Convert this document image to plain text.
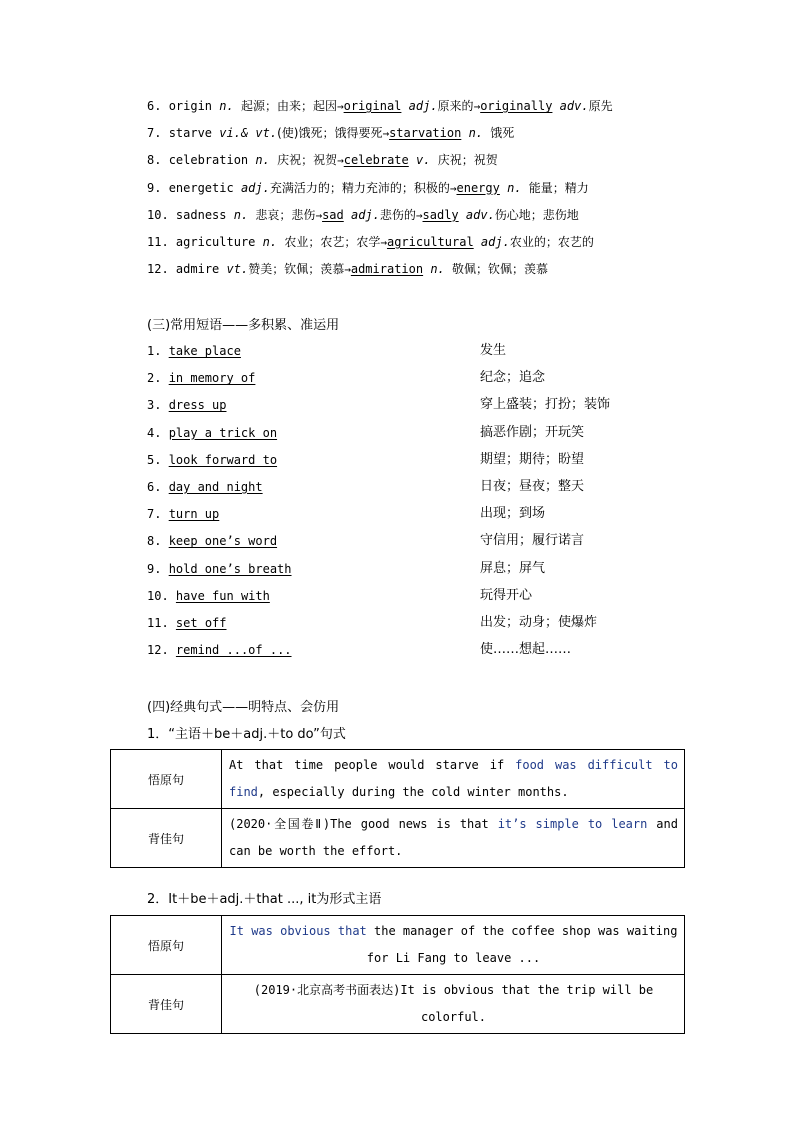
6. origin n. 起源；由来；起因→original adj.原来的→originally adv.原先
7. starve vi.& vt.(使)饿死；饿得要死→starvation n. 饿死
8. celebration n. 庆祝；祝贺→celebrate v. 庆祝；祝贺
9. energetic adj.充满活力的；精力充沛的；积极的→energy n. 能量；精力
10. sadness n. 悲哀；悲伤→sad adj.悲伤的→sadly adv.伤心地；悲伤地
11. agriculture n. 农业；农艺；农学→agricultural adj.农业的；农艺的
12. admire vt.赞美；钦佩；羡慕→admiration n. 敬佩；钦佩；羡慕
(三)常用短语——多积累、准运用
1. take place	发生
2. in memory of	纪念；追念
3. dress up	穿上盛装；打扮；装饰
4. play a trick on	搞恶作剧；开玩笑
5. look forward to	期望；期待；盼望
6. day and night	日夜；昼夜；整天
7. turn up	出现；到场
8. keep one’s word	守信用；履行诺言
9. hold one’s breath	屏息；屏气
10. have fun with	玩得开心
11. set off	出发；动身；使爆炸
12. remind ...of ...	使……想起……
(四)经典句式——明特点、会仿用
1．“主语＋be＋adj.＋to do”句式
悟原句	At that time people would starve if food was difficult to find, especially during the cold winter months.
背佳句	(2020·全国卷Ⅱ)The good news is that it’s simple to learn and can be worth the effort.
2．It＋be＋adj.＋that ..., it为形式主语
悟原句	It was obvious that the manager of the coffee shop was waiting for Li Fang to leave ...
背佳句	(2019·北京高考书面表达)It is obvious that the trip will be colorful.
